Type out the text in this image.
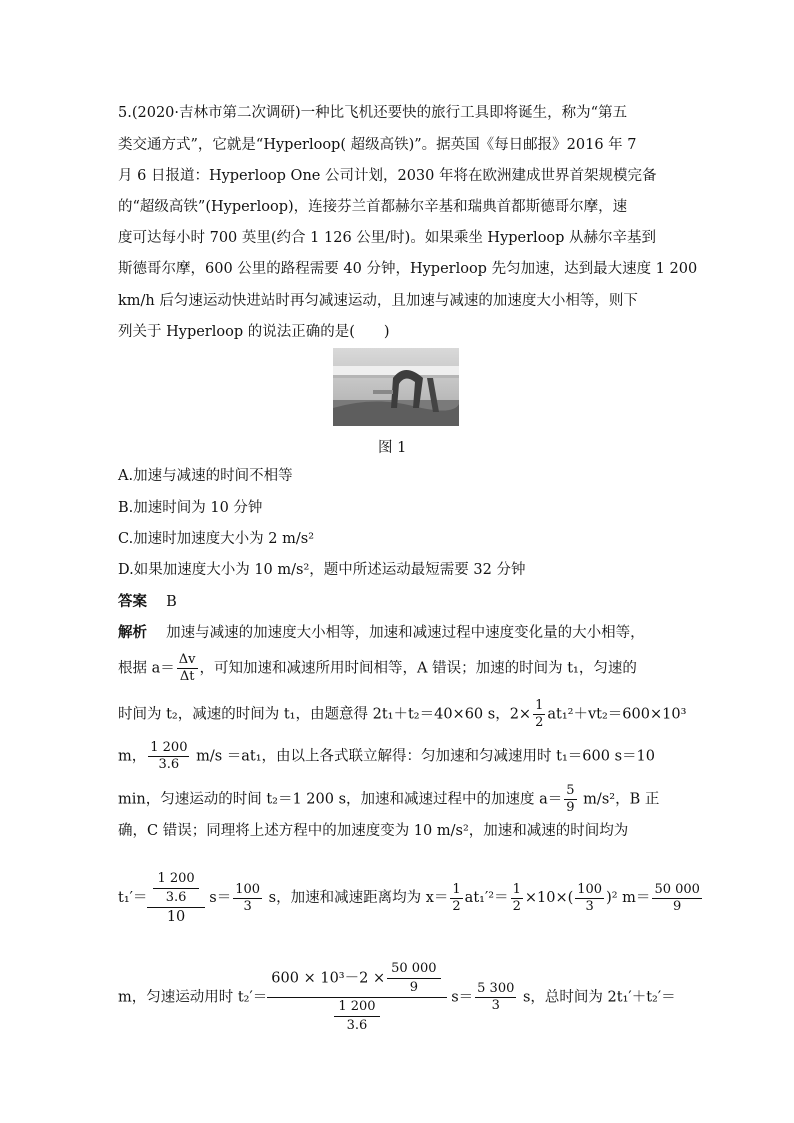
5.(2020·吉林市第二次调研)一种比飞机还要快的旅行工具即将诞生，称为“第五
类交通方式”，它就是“Hyperloop( 超级高铁)”。据英国《每日邮报》2016 年 7
月 6 日报道：Hyperloop One 公司计划，2030 年将在欧洲建成世界首架规模完备
的“超级高铁”(Hyperloop)，连接芬兰首都赫尔辛基和瑞典首都斯德哥尔摩，速
度可达每小时 700 英里(约合 1 126 公里/时)。如果乘坐 Hyperloop 从赫尔辛基到
斯德哥尔摩，600 公里的路程需要 40 分钟，Hyperloop 先匀加速，达到最大速度 1 200
km/h 后匀速运动快进站时再匀减速运动，且加速与减速的加速度大小相等，则下
列关于 Hyperloop 的说法正确的是(　　)
图 1
A.加速与减速的时间不相等
B.加速时间为 10 分钟
C.加速时加速度大小为 2 m/s²
D.如果加速度大小为 10 m/s²，题中所述运动最短需要 32 分钟
答案　 B
解析　 加速与减速的加速度大小相等，加速和减速过程中速度变化量的大小相等，
根据 $a= \frac{\Delta v}{\Delta t}$ ，可知加速和减速所用时间相等，A 错误；加速的时间为 t₁，匀速的
时间为 t₂，减速的时间为 t₁，由题意得 2t₁＋t₂＝40×60 s，$2\times \frac{1}{2} at_1^2+vt_2=600\times 10^3$
m， $\frac{1 200}{3.6} m/s =at_1$，由以上各式联立解得：匀加速和匀减速用时 t₁＝600 s＝10
min，匀速运动的时间 t₂＝1 200 s，加速和减速过程中的加速度 $a= \frac{5}{9} m/s^2$，B 正
确，C 错误；同理将上述方程中的加速度变为 10 m/s²，加速和减速的时间均为
$t_1'= \frac{\frac{1 200}{3.6}}{10} s= \frac{100}{3}$ s，加速和减速距离均为 $x= \frac{1}{2} at_1'^2= \frac{1}{2} \times 10\times( \frac{100}{3} )^2$ $m= \frac{50 000}{9}$
m，匀速运动用时 $t_2'= \frac{600 \times 10^3-2 \times \frac{50 000}{9}}{\frac{1 200}{3.6}} s= \frac{5 300}{3}$ s，总时间为 2t₁′＋t₂′＝
